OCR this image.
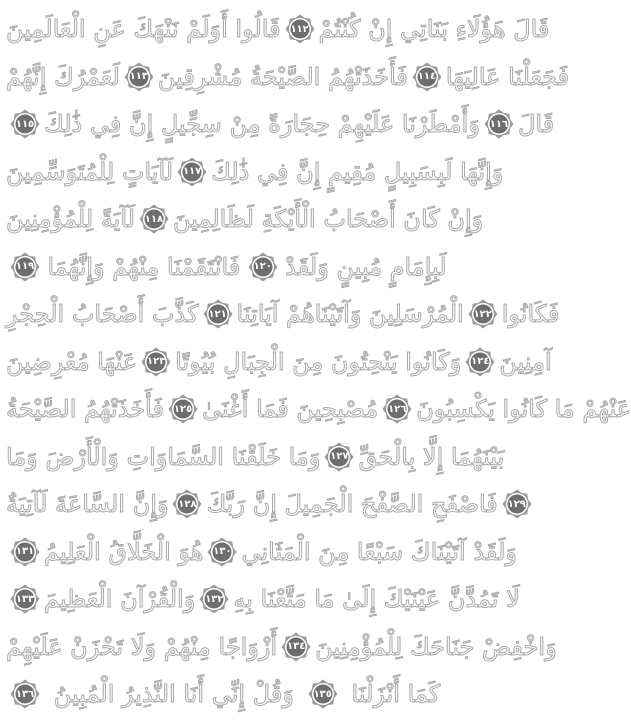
قَالُوا أَوَلَمْ نَنْهَكَ عَنِ الْعَالَمِينَ ١١٢ قَالَ هَؤُلَاءِ بَنَاتِي إِنْ كُنْتُمْ
لَعَمْرُكَ إِنَّهُمْ ١١٣ فَأَخَذَتْهُمُ الصَّيْحَةُ مُشْرِقِينَ ١١٤ فَجَعَلْنَا عَالِيَهَا
١١٥ وَأَمْطَرْنَا عَلَيْهِمْ حِجَارَةً مِنْ سِجِّيلٍ إِنَّ فِي ذَٰلِكَ ١١٦ قَالَ
لَآيَاتٍ لِلْمُتَوَسِّمِينَ ١١٧ وَإِنَّهَا لَبِسَبِيلٍ مُقِيمٍ إِنَّ فِي ذَٰلِكَ
لَآيَةً لِلْمُؤْمِنِينَ ١١٨ وَإِنْ كَانَ أَصْحَابُ الْأَيْكَةِ لَظَالِمِينَ
١١٩ فَانْتَقَمْنَا مِنْهُمْ وَإِنَّهُمَا	١٢٠ لَبِإِمَامٍ مُبِينٍ وَلَقَدْ
كَذَّبَ أَصْحَابُ الْحِجْرِ ١٢١ الْمُرْسَلِينَ وَآتَيْنَاهُمْ آيَاتِنَا ١٢٢ فَكَانُوا
عَنْهَا مُعْرِضِينَ ١٢٣ وَكَانُوا يَنْحِتُونَ مِنَ الْجِبَالِ بُيُوتًا ١٢٤ آمِنِينَ
فَأَخَذَتْهُمُ الصَّيْحَةُ ١٢٥ مُصْبِحِينَ فَمَا أَغْنَىٰ ١٢٦ عَنْهُمْ مَا كَانُوا يَكْسِبُونَ
وَمَا خَلَقْنَا السَّمَاوَاتِ وَالْأَرْضَ وَمَا ١٢٧ بَيْنَهُمَا إِلَّا بِالْحَقِّ
وَإِنَّ السَّاعَةَ لَآتِيَةٌ ١٢٨ فَاصْفَحِ الصَّفْحَ الْجَمِيلَ إِنَّ رَبَّكَ ١٢٩
١٣١ هُوَ الْخَلَّاقُ الْعَلِيمُ ١٣٠ وَلَقَدْ آتَيْنَاكَ سَبْعًا مِنَ الْمَثَانِي
١٣٣ وَالْقُرْآنَ الْعَظِيمَ ١٣٢ لَا تَمُدَّنَّ عَيْنَيْكَ إِلَىٰ مَا مَتَّعْنَا بِهِ
أَزْوَاجًا مِنْهُمْ وَلَا تَحْزَنْ عَلَيْهِمْ ١٣٤ وَاخْفِضْ جَنَاحَكَ لِلْمُؤْمِنِينَ
١٣٦ وَقُلْ إِنِّي أَنَا النَّذِيرُ الْمُبِينُ	١٣٥ كَمَا أَنْزَلْنَا
